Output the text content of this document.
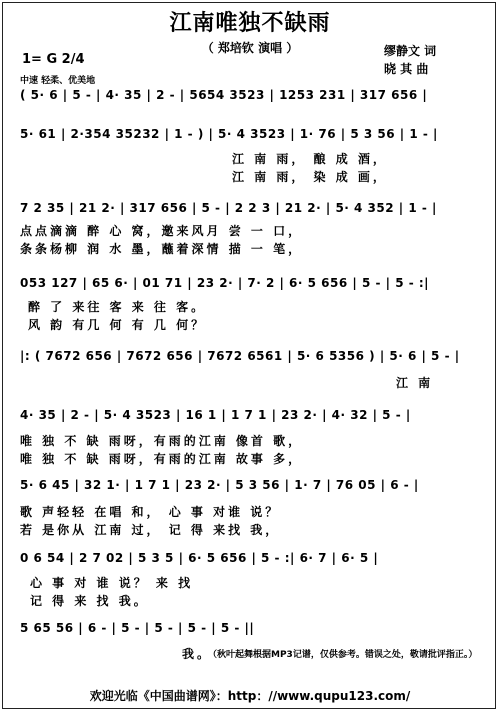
江南唯独不缺雨
（ 郑培钦 演唱 ）	缪静文 词
晓 其 曲
1= G 2/4
中速 轻柔、优美地
( 5· 6 | 5 - | 4· 35 | 2 - | 5654 3523 | 1253 231 | 317 656 |
5· 61 | 2·354 35232 | 1 - ) | 5· 4 3523 | 1· 76 | 5 3 56 | 1 - |
江 南 雨， 酿 成 酒，
江 南 雨， 染 成 画，
7 2 35 | 21 2· | 317 656 | 5 - | 2 2 3 | 21 2· | 5· 4 352 | 1 - |
点点滴滴 醉 心 窝，邀来风月 尝 一 口，
条条杨柳 润 水 墨，蘸着深情 描 一 笔，
053 127 | 65 6· | 01 71 | 23 2· | 7· 2 | 6· 5 656 | 5 - | 5 - :|
醉 了 来往 客 来 往 客。
风 韵 有几 何 有 几 何？
|: ( 7672 656 | 7672 656 | 7672 6561 | 5· 6 5356 ) | 5· 6 | 5 - |
江 南
4· 35 | 2 - | 5· 4 3523 | 16 1 | 1 7 1 | 23 2· | 4· 32 | 5 - |
唯 独 不 缺 雨呀，有雨的江南 像首 歌，
唯 独 不 缺 雨呀，有雨的江南 故事 多，
5· 6 45 | 32 1· | 1 7 1 | 23 2· | 5 3 56 | 1· 7 | 76 05 | 6 - |
歌 声轻轻 在唱 和， 心 事 对谁 说？
若 是你从 江南 过， 记 得 来找 我，
0 6 54 | 2 7 02 | 5 3 5 | 6· 5 656 | 5 - :| 6· 7 | 6· 5 |
心 事 对 谁 说？ 来 找
记 得 来 找 我。
5 65 56 | 6 - | 5 - | 5 - | 5 - | 5 - ||
我。
（秋叶起舞根据MP3记谱，仅供参考。错误之处，敬请批评指正。）
欢迎光临《中国曲谱网》：http：//www.qupu123.com/
